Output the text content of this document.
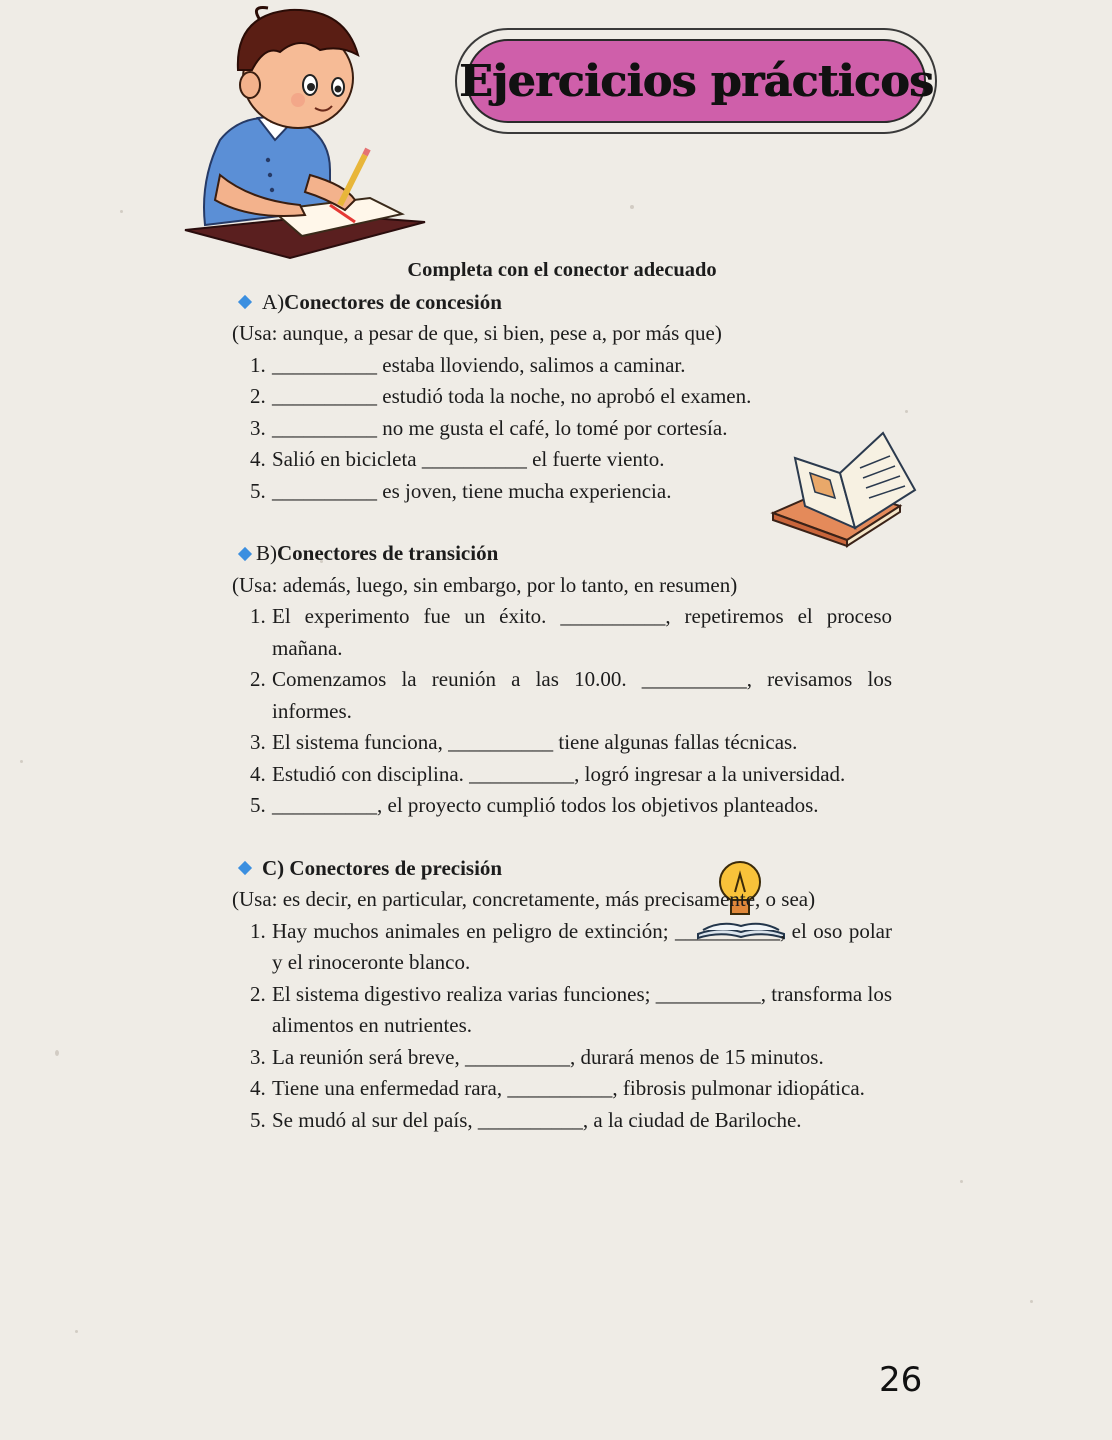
Ejercicios prácticos
Completa con el conector adecuado
A) Conectores de concesión
(Usa: aunque, a pesar de que, si bien, pese a, por más que)
1. __________ estaba lloviendo, salimos a caminar.
2. __________ estudió toda la noche, no aprobó el examen.
3. __________ no me gusta el café, lo tomé por cortesía.
4. Salió en bicicleta __________ el fuerte viento.
5. __________ es joven, tiene mucha experiencia.
B) Conectores de transición
(Usa: además, luego, sin embargo, por lo tanto, en resumen)
1. El experimento fue un éxito. __________, repetiremos el proceso mañana.
2. Comenzamos la reunión a las 10.00. __________, revisamos los informes.
3. El sistema funciona, __________ tiene algunas fallas técnicas.
4. Estudió con disciplina. __________, logró ingresar a la universidad.
5. __________, el proyecto cumplió todos los objetivos planteados.
C) Conectores de precisión
(Usa: es decir, en particular, concretamente, más precisamente, o sea)
1. Hay muchos animales en peligro de extinción; __________, el oso polar y el rinoceronte blanco.
2. El sistema digestivo realiza varias funciones; __________, transforma los alimentos en nutrientes.
3. La reunión será breve, __________, durará menos de 15 minutos.
4. Tiene una enfermedad rara, __________, fibrosis pulmonar idiopática.
5. Se mudó al sur del país, __________, a la ciudad de Bariloche.
26
